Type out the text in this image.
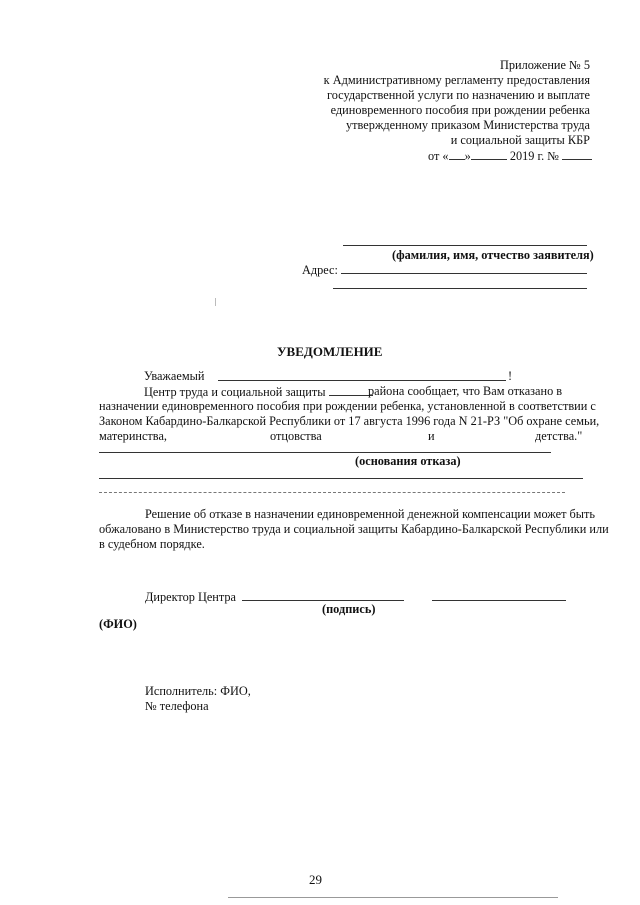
Приложение № 5
к Административному регламенту предоставления
государственной услуги по назначению и выплате
единовременного пособия при рождении ребенка
утвержденному приказом Министерства труда
и социальной защиты КБР
от « »	2019 г. №
(фамилия, имя, отчество заявителя)
Адрес:
УВЕДОМЛЕНИЕ
Уважаемый	!
Центр труда и социальной защиты	района сообщает, что Вам отказано в
назначении единовременного пособия при рождении ребенка, установленной в соответствии с
Законом Кабардино-Балкарской Республики от 17 августа 1996 года N 21-РЗ "Об охране семьи,
материнства,	отцовства	и	детства."
(основания отказа)
Решение об отказе в назначении единовременной денежной компенсации может быть
обжаловано в Министерство труда и социальной защиты Кабардино-Балкарской Республики или
в судебном порядке.
Директор Центра
(подпись)
(ФИО)
Исполнитель: ФИО,
№ телефона
29
